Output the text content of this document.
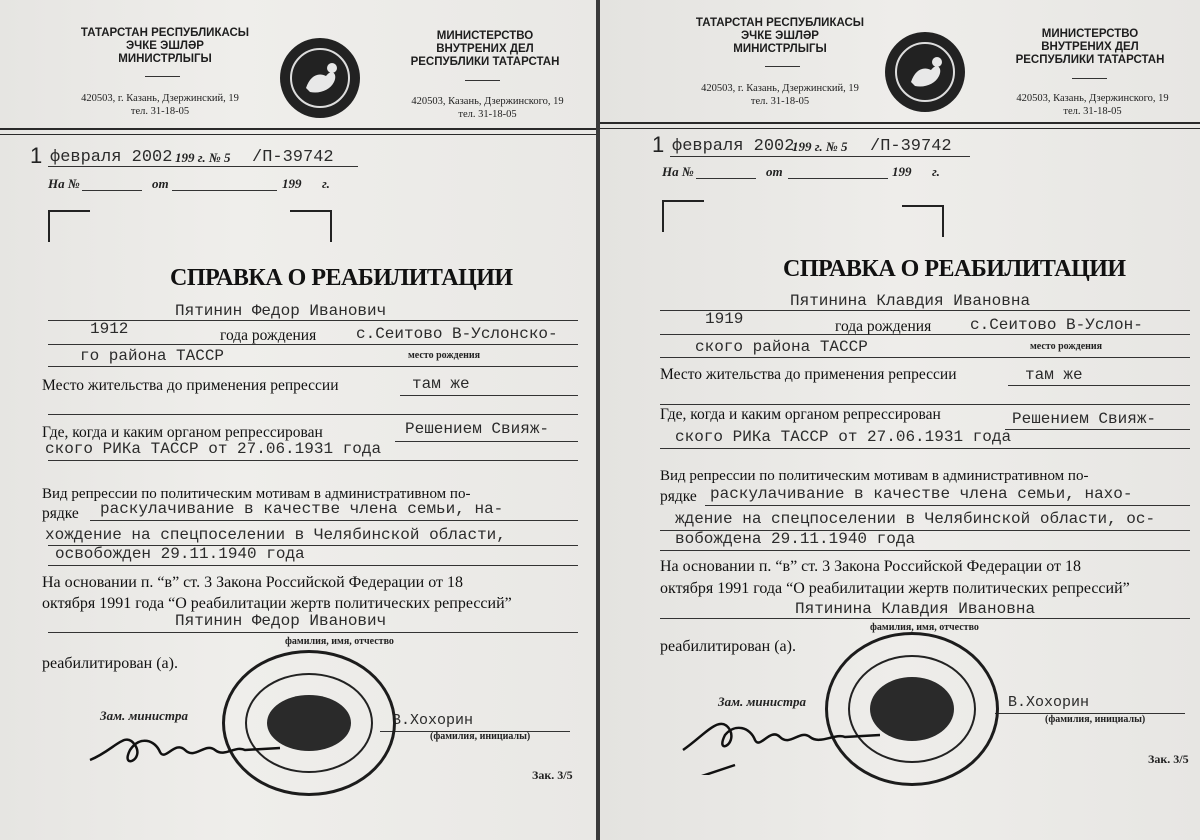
ТАТАРСТАН РЕСПУБЛИКАСЫ
ЭЧКЕ ЭШЛӘР
МИНИСТРЛЫГЫ
420503, г. Казань, Дзержинский, 19
тел. 31-18-05
МИНИСТЕРСТВО
ВНУТРЕНИХ ДЕЛ
РЕСПУБЛИКИ ТАТАРСТАН
420503, Казань, Дзержинского, 19
тел. 31-18-05
1 февраля 2002 199 г. № 5 /П-39742
На №	от	199 г.
СПРАВКА О РЕАБИЛИТАЦИИ
Пятинин Федор Иванович
1912	года рождения с.Сеитово В-Услонско-
го района ТАССР	место рождения
Место жительства до применения репрессии	там же
Где, когда и каким органом репрессирован	Решением Свияж-
ского РИКа ТАССР от 27.06.1931 года
Вид репрессии по политическим мотивам в административном по-
рядке раскулачивание в качестве члена семьи, на-
хождение на спецпоселении в Челябинской области,
освобожден 29.11.1940 года
На основании п. “в” ст. 3 Закона Российской Федерации от 18
октября 1991 года “О реабилитации жертв политических репрессий”
Пятинин Федор Иванович
фамилия, имя, отчество
реабилитирован (а).
Зам. министра	В.Хохорин
(фамилия, инициалы)
Зак. 3/5
ТАТАРСТАН РЕСПУБЛИКАСЫ
ЭЧКЕ ЭШЛӘР
МИНИСТРЛЫГЫ
420503, г. Казань, Дзержинский, 19
тел. 31-18-05
МИНИСТЕРСТВО
ВНУТРЕНИХ ДЕЛ
РЕСПУБЛИКИ ТАТАРСТАН
420503, Казань, Дзержинского, 19
тел. 31-18-05
1 февраля 2002
199 г. № 5 /П-39742
На №	от	199 г.
СПРАВКА О РЕАБИЛИТАЦИИ
Пятинина Клавдия Ивановна
1919	года рождения с.Сеитово В-Услон-
ского района ТАССР	место рождения
Место жительства до применения репрессии	там же
Где, когда и каким органом репрессирован	Решением Свияж-
ского РИКа ТАССР от 27.06.1931 года
Вид репрессии по политическим мотивам в административном по-
рядке раскулачивание в качестве члена семьи, нахо-
ждение на спецпоселении в Челябинской области, ос-
вобождена 29.11.1940 года
На основании п. “в” ст. 3 Закона Российской Федерации от 18
октября 1991 года “О реабилитации жертв политических репрессий”
Пятинина Клавдия Ивановна
фамилия, имя, отчество
реабилитирован (а).
Зам. министра	В.Хохорин
(фамилия, инициалы)
Зак. 3/5
